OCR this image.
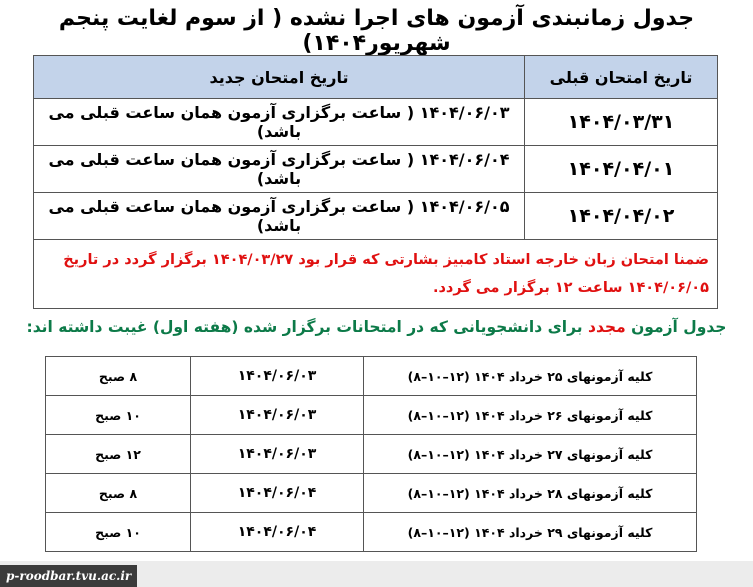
جدول زمانبندی آزمون های اجرا نشده ( از سوم لغایت پنجم شهریور۱۴۰۴)
تاریخ امتحان قبلی	تاریخ امتحان جدید
۱۴۰۴/۰۳/۳۱	۱۴۰۴/۰۶/۰۳ ( ساعت برگزاری آزمون همان ساعت قبلی می باشد)
۱۴۰۴/۰۴/۰۱	۱۴۰۴/۰۶/۰۴ ( ساعت برگزاری آزمون همان ساعت قبلی می باشد)
۱۴۰۴/۰۴/۰۲	۱۴۰۴/۰۶/۰۵ ( ساعت برگزاری آزمون همان ساعت قبلی می باشد)
ضمنا امتحان زبان خارجه استاد کامبیز بشارتی که قرار بود ۱۴۰۴/۰۳/۲۷ برگزار گردد در تاریخ ۱۴۰۴/۰۶/۰۵ ساعت ۱۲ برگزار می گردد.	
جدول آزمون مجدد برای دانشجویانی که در امتحانات برگزار شده (هفته اول) غیبت داشته اند:
کلیه آزمونهای ۲۵ خرداد ۱۴۰۴ (۱۲–۱۰–۸)	۱۴۰۴/۰۶/۰۳	۸ صبح
کلیه آزمونهای ۲۶ خرداد ۱۴۰۴ (۱۲–۱۰–۸)	۱۴۰۴/۰۶/۰۳	۱۰ صبح
کلیه آزمونهای ۲۷ خرداد ۱۴۰۴ (۱۲–۱۰–۸)	۱۴۰۴/۰۶/۰۳	۱۲ صبح
کلیه آزمونهای ۲۸ خرداد ۱۴۰۴ (۱۲–۱۰–۸)	۱۴۰۴/۰۶/۰۴	۸ صبح
کلیه آزمونهای ۲۹ خرداد ۱۴۰۴ (۱۲–۱۰–۸)	۱۴۰۴/۰۶/۰۴	۱۰ صبح
p-roodbar.tvu.ac.ir
